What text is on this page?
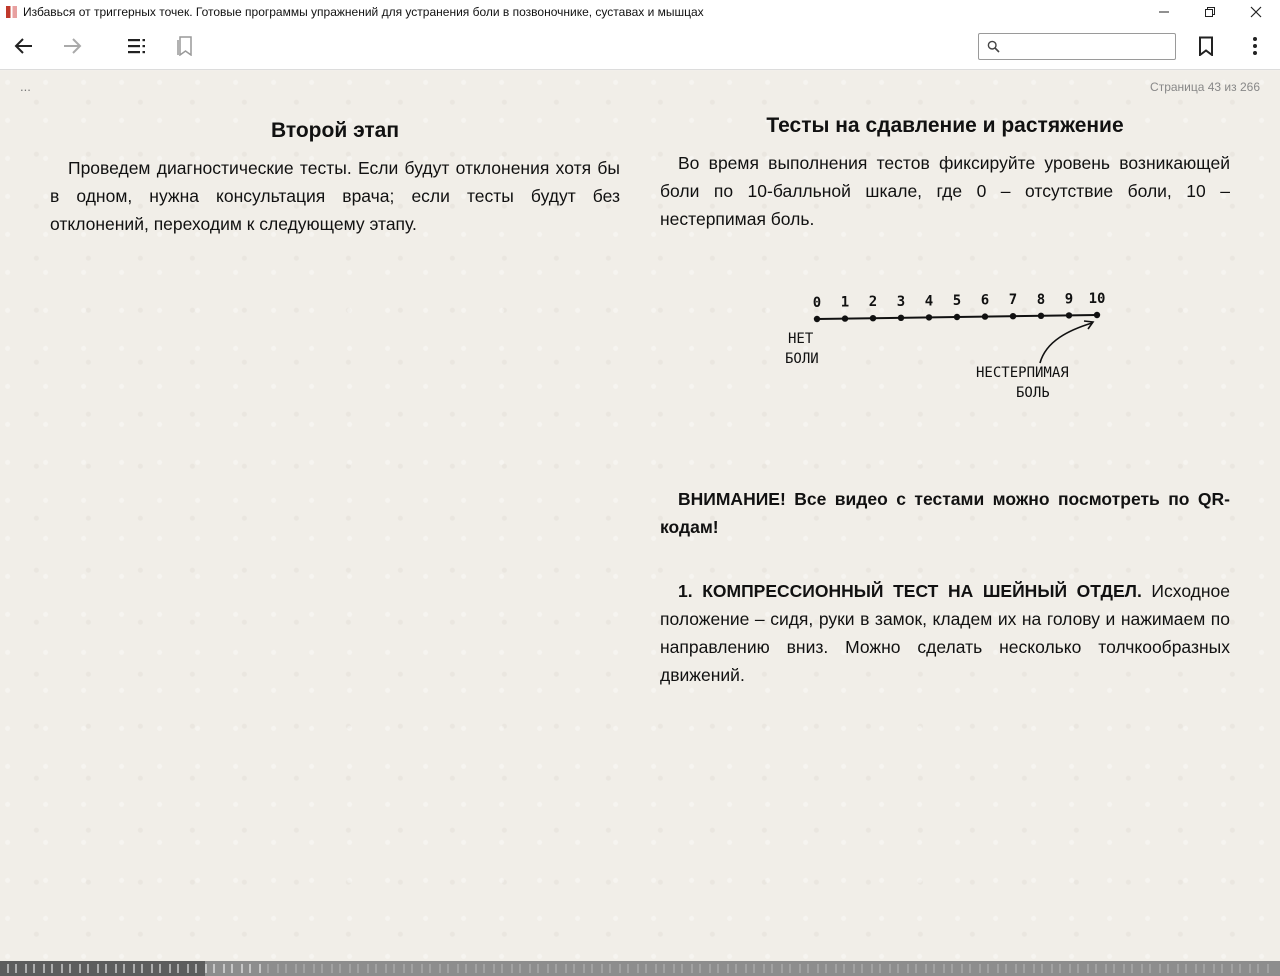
Избавься от триггерных точек. Готовые программы упражнений для устранения боли в позвоночнике, суставах и мышцах
...	Страница 43 из 266
Второй этап

Проведем диагностические тесты. Если будут отклонения хотя бы в одном, нужна консультация врача; если тесты будут без отклонений, переходим к следующему этапу.

Тесты на сдавление и растяжение

Во время выполнения тестов фиксируйте уровень возникающей боли по 10-балльной шкале, где 0 – отсутствие боли, 10 – нестерпимая боль.

0 1 2 3 4 5 6 7 8 9 10
НЕТ
БОЛИ
НЕСТЕРПИМАЯ
БОЛЬ

ВНИМАНИЕ! Все видео с тестами можно посмотреть по QR-кодам!

1. КОМПРЕССИОННЫЙ ТЕСТ НА ШЕЙНЫЙ ОТДЕЛ. Исходное положение – сидя, руки в замок, кладем их на голову и нажимаем по направлению вниз. Можно сделать несколько толчкообразных движений.
